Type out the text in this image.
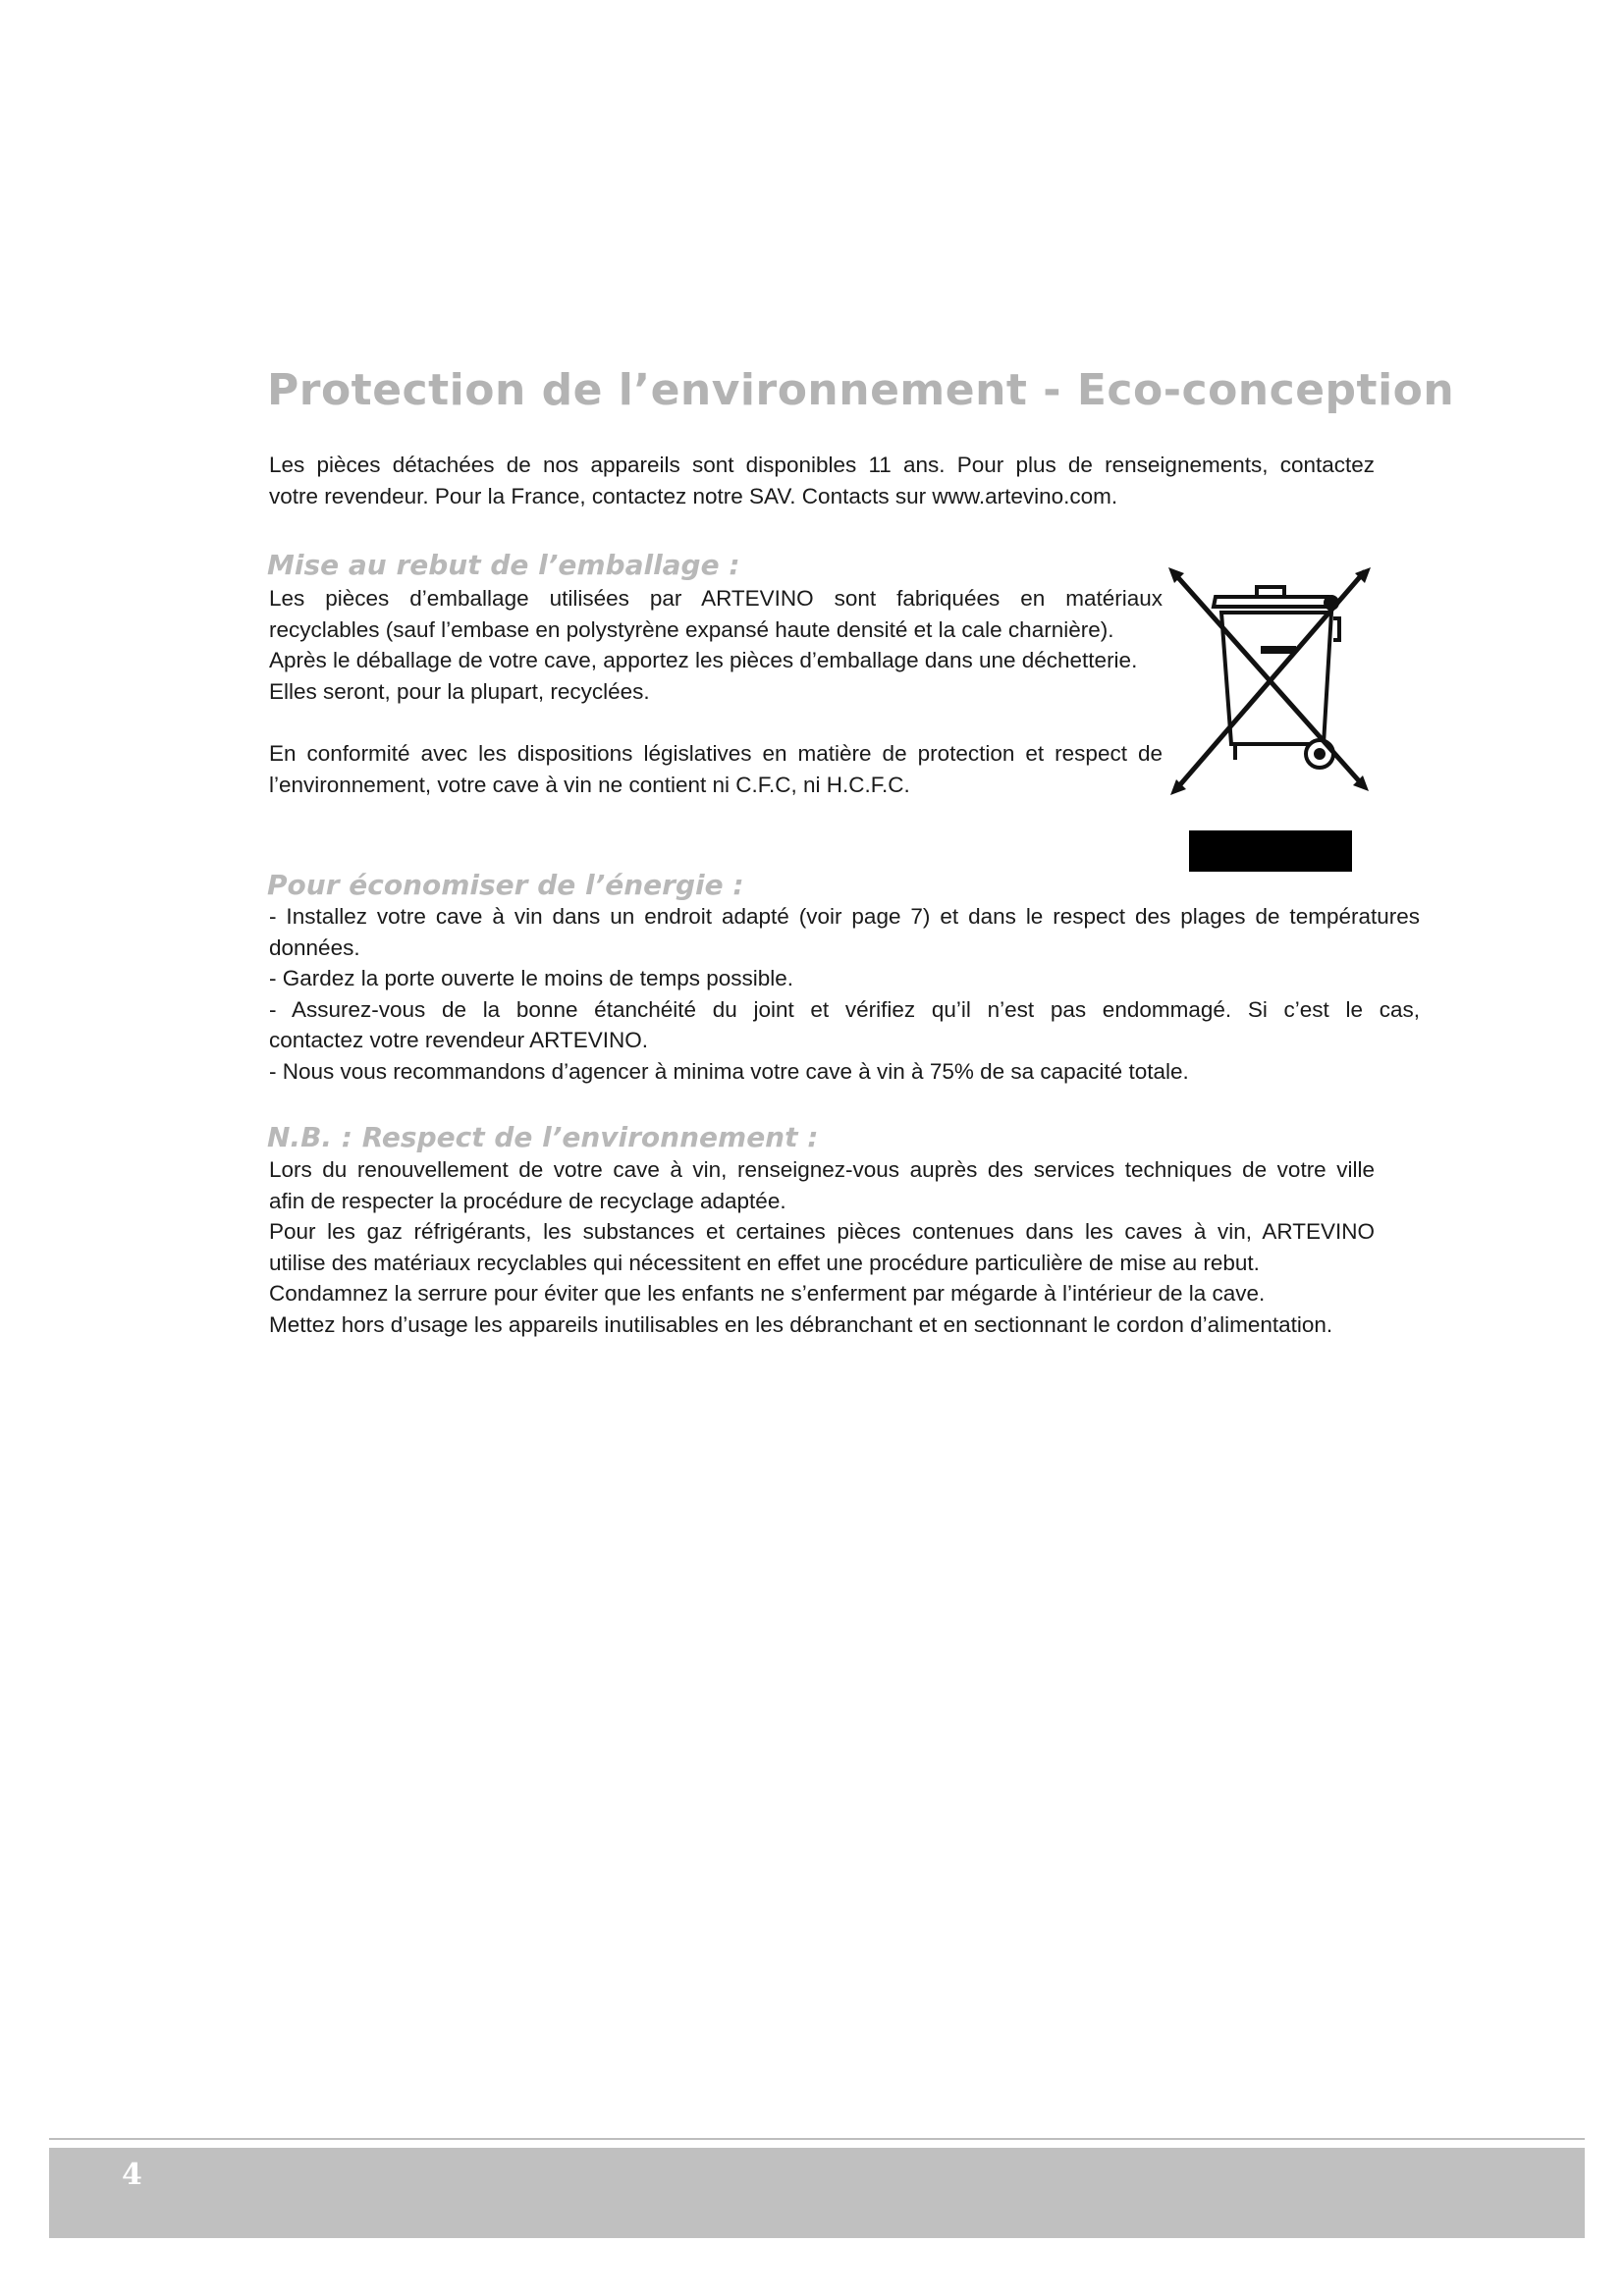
Protection de l’environnement - Eco-conception
Les pièces détachées de nos appareils sont disponibles 11 ans. Pour plus de renseignements, contactez
votre revendeur. Pour la France, contactez notre SAV. Contacts sur www.artevino.com.
Mise au rebut de l’emballage :
Les pièces d’emballage utilisées par ARTEVINO sont fabriquées en matériaux
recyclables (sauf l’embase en polystyrène expansé haute densité et la cale charnière).
Après le déballage de votre cave, apportez les pièces d’emballage dans une déchetterie.
Elles seront, pour la plupart, recyclées.
En conformité avec les dispositions législatives en matière de protection et respect de
l’environnement, votre cave à vin ne contient ni C.F.C, ni H.C.F.C.
Pour économiser de l’énergie :
- Installez votre cave à vin dans un endroit adapté (voir page 7) et dans le respect des plages de températures
données.
- Gardez la porte ouverte le moins de temps possible.
- Assurez-vous de la bonne étanchéité du joint et vérifiez qu’il n’est pas endommagé. Si c’est le cas,
contactez votre revendeur ARTEVINO.
- Nous vous recommandons d’agencer à minima votre cave à vin à 75% de sa capacité totale.
N.B. : Respect de l’environnement :
Lors du renouvellement de votre cave à vin, renseignez-vous auprès des services techniques de votre ville
afin de respecter la procédure de recyclage adaptée.
Pour les gaz réfrigérants, les substances et certaines pièces contenues dans les caves à vin, ARTEVINO
utilise des matériaux recyclables qui nécessitent en effet une procédure particulière de mise au rebut.
Condamnez la serrure pour éviter que les enfants ne s’enferment par mégarde à l’intérieur de la cave.
Mettez hors d’usage les appareils inutilisables en les débranchant et en sectionnant le cordon d’alimentation.

4
